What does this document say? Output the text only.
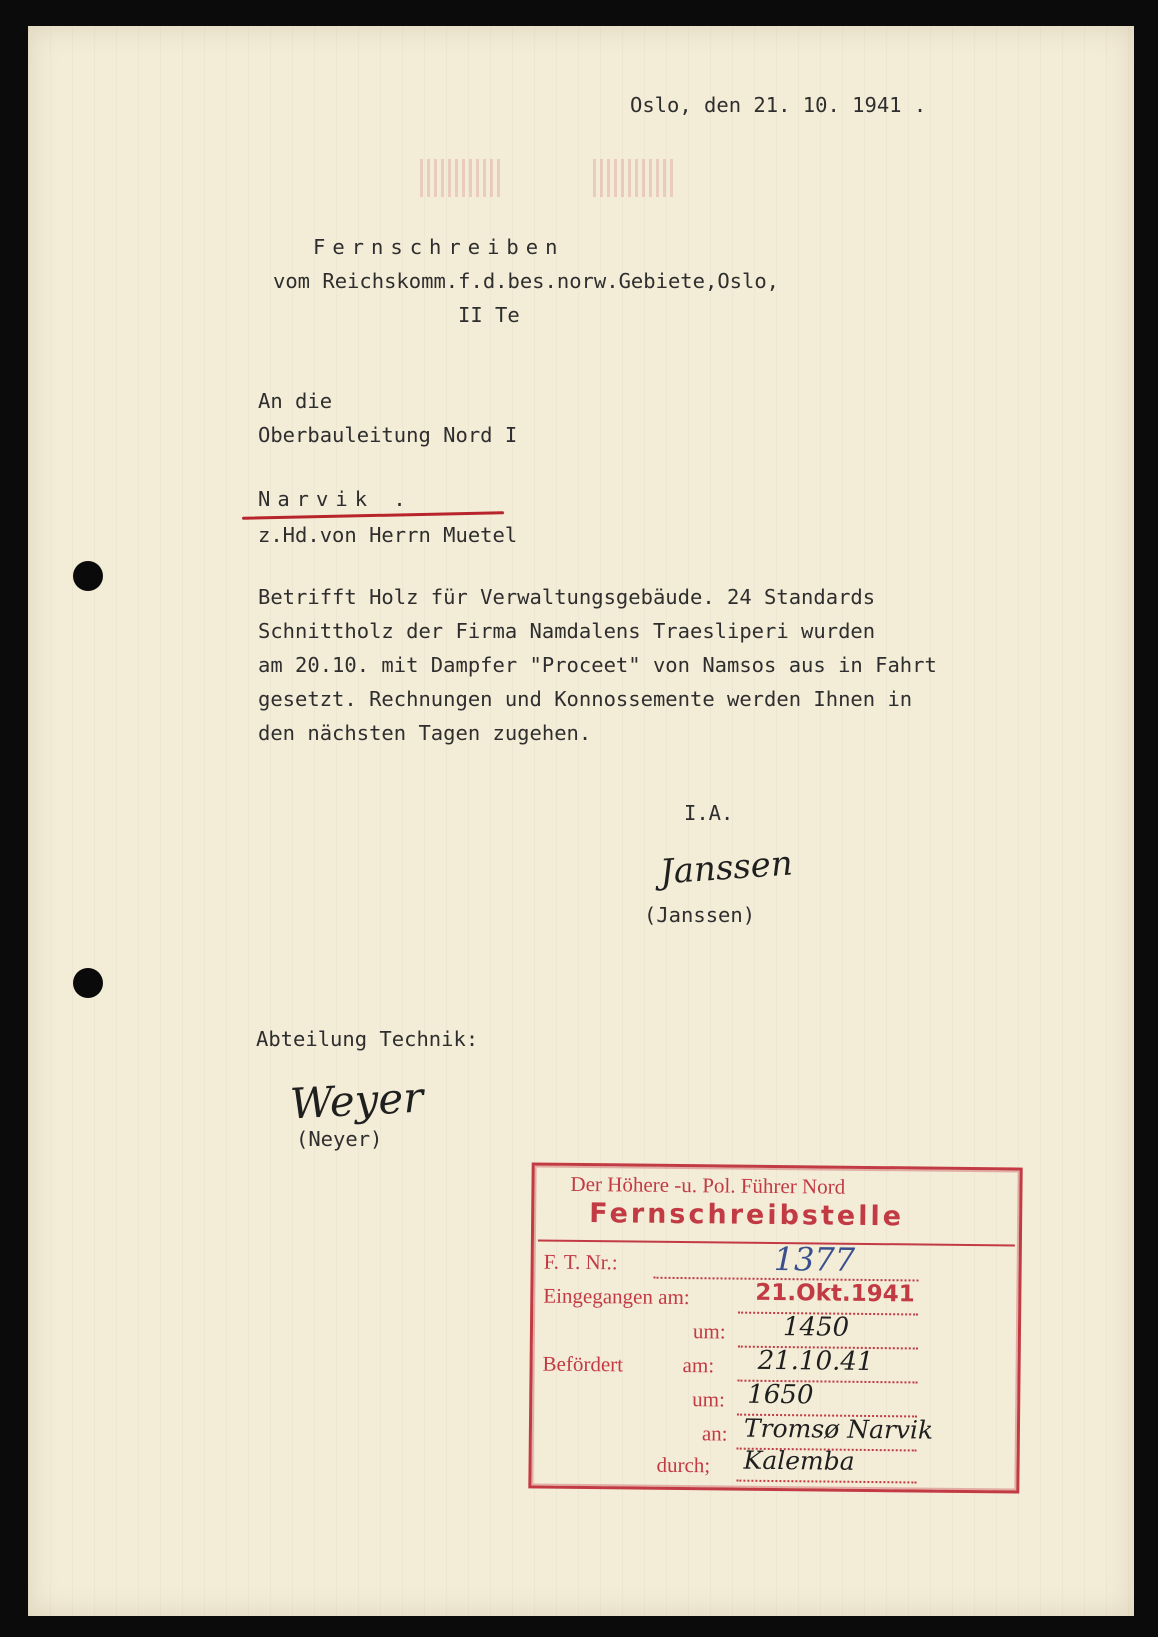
Oslo, den 21. 10. 1941 .
Fernschreiben
vom Reichskomm.f.d.bes.norw.Gebiete,Oslo,
II Te
An die
Oberbauleitung Nord I
Narvik .
z.Hd.von Herrn Muetel
Betrifft Holz für Verwaltungsgebäude. 24 Standards
Schnittholz der Firma Namdalens Traesliperi wurden
am 20.10. mit Dampfer "Proceet" von Namsos aus in Fahrt
gesetzt. Rechnungen und Konnossemente werden Ihnen in
den nächsten Tagen zugehen.
I.A.
Janssen
(Janssen)
Abteilung Technik:
Weyer
(Neyer)
Der Höhere -u. Pol. Führer Nord
Fernschreibstelle
F. T. Nr.:	1377
Eingegangen am:	21.Okt.1941
um: 1450
Befördert	am: 21.10.41
um: 1650
an: Tromsø Narvik
durch; Kalemba
